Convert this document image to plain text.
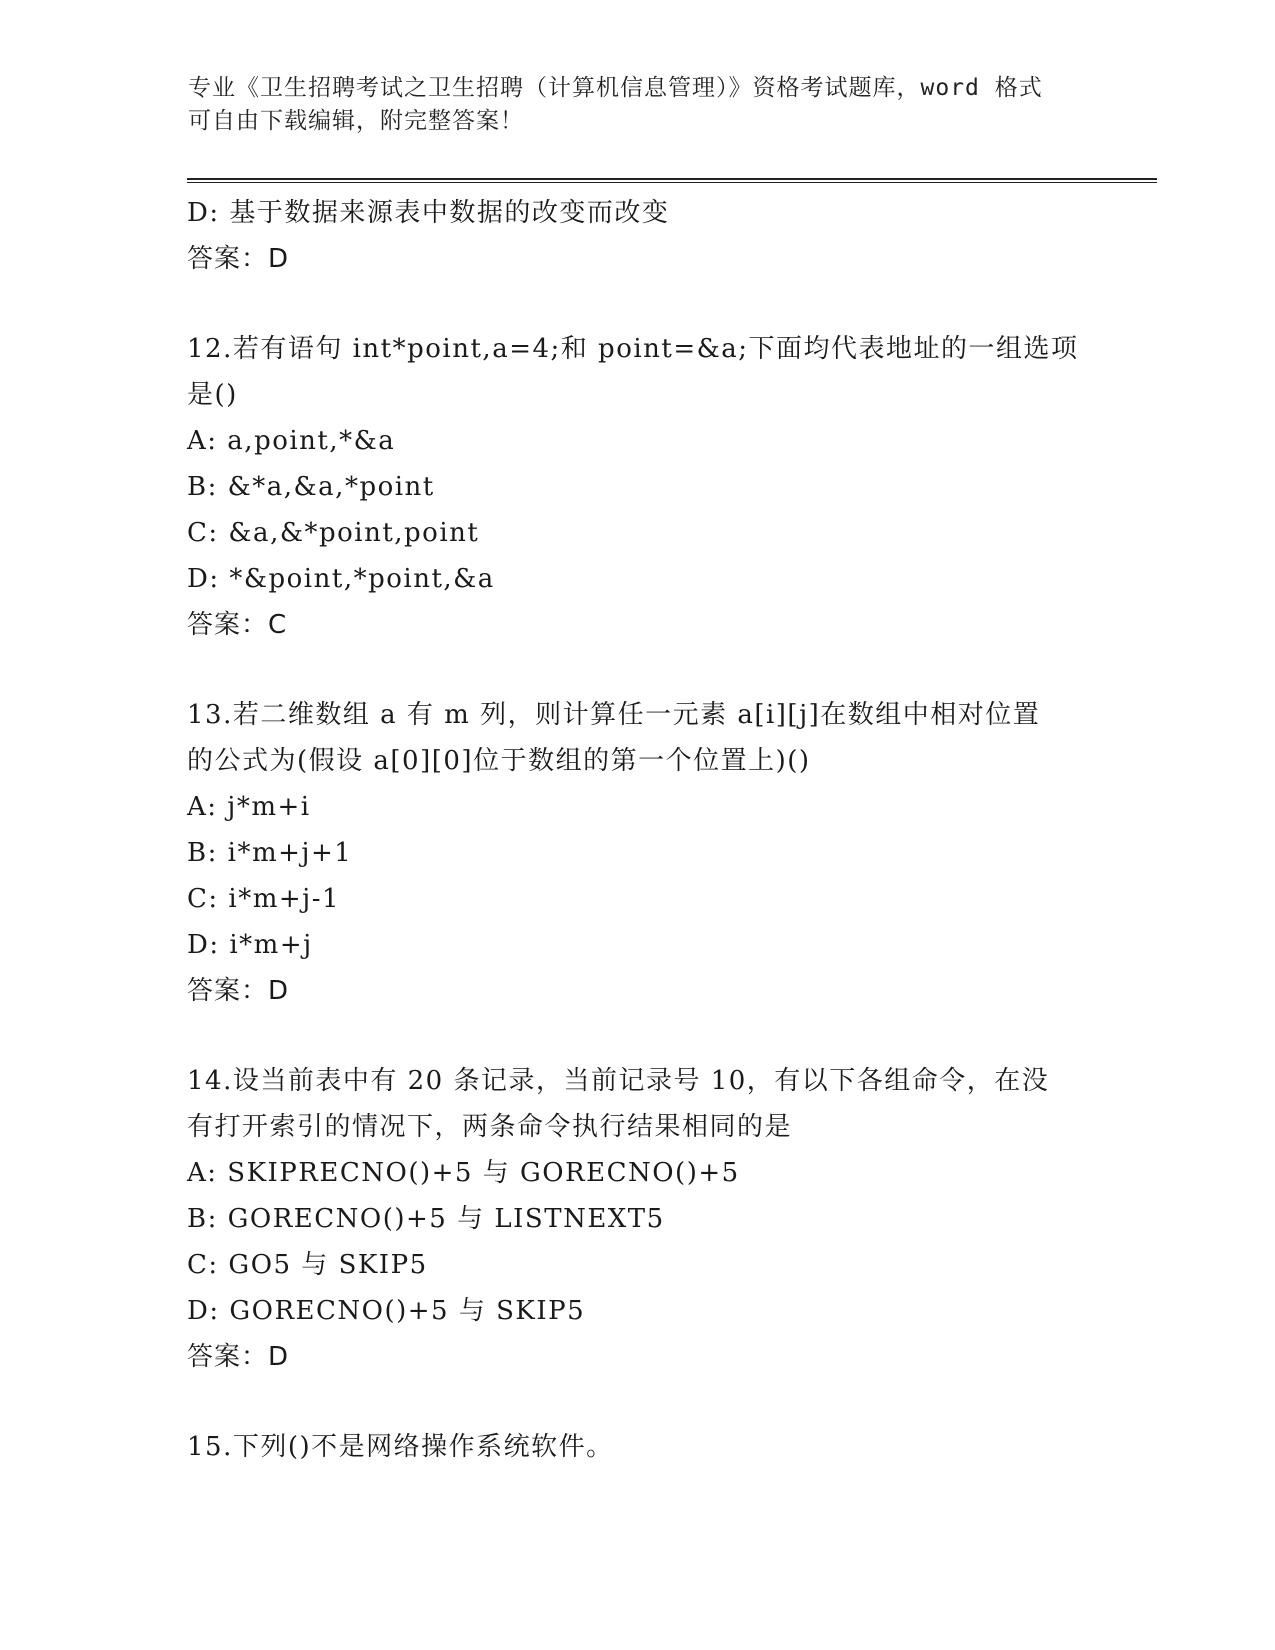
专业《卫生招聘考试之卫生招聘（计算机信息管理）》资格考试题库，word 格式
可自由下载编辑，附完整答案！
D: 基于数据来源表中数据的改变而改变
答案：D
12.若有语句 int*point,a=4;和 point=&a;下面均代表地址的一组选项
是()
A: a,point,*&a
B: &*a,&a,*point
C: &a,&*point,point
D: *&point,*point,&a
答案：C
13.若二维数组 a 有 m 列，则计算任一元素 a[i][j]在数组中相对位置
的公式为(假设 a[0][0]位于数组的第一个位置上)()
A: j*m+i
B: i*m+j+1
C: i*m+j-1
D: i*m+j
答案：D
14.设当前表中有 20 条记录，当前记录号 10，有以下各组命令，在没
有打开索引的情况下，两条命令执行结果相同的是
A: SKIPRECNO()+5 与 GORECNO()+5
B: GORECNO()+5 与 LISTNEXT5
C: GO5 与 SKIP5
D: GORECNO()+5 与 SKIP5
答案：D
15.下列()不是网络操作系统软件。
